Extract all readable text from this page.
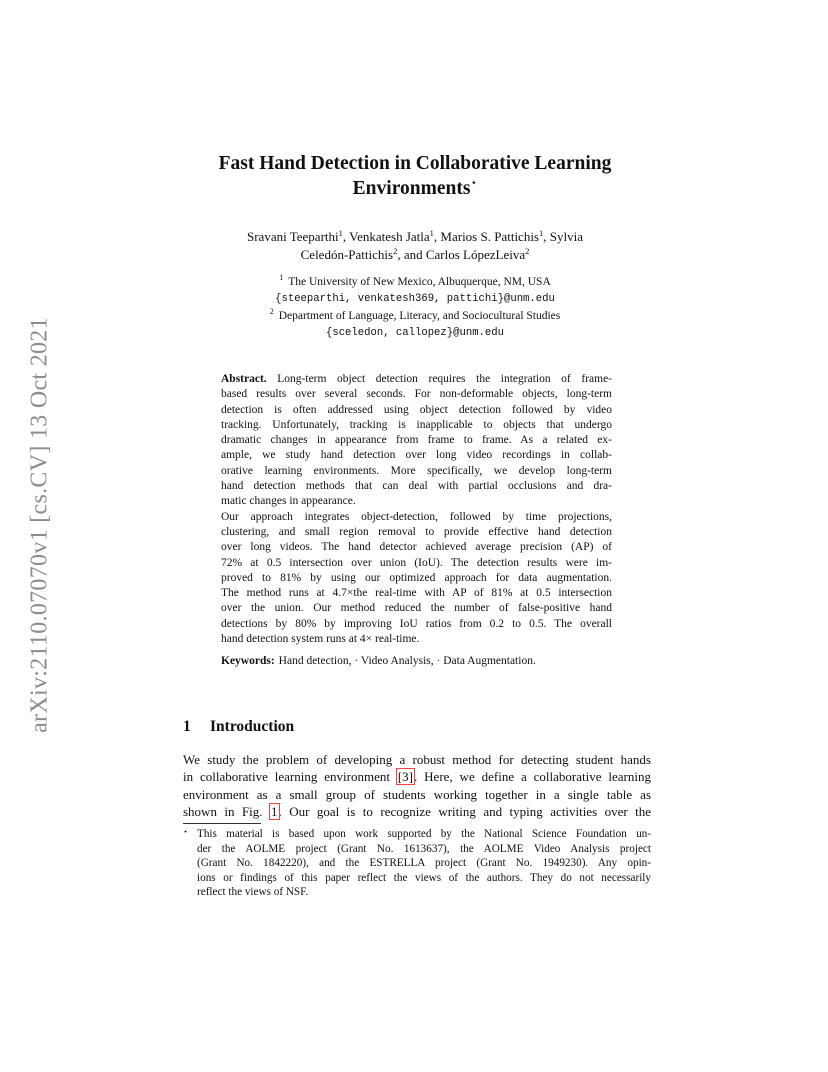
arXiv:2110.07070v1 [cs.CV] 13 Oct 2021
Fast Hand Detection in Collaborative Learning
Environments⋆
Sravani Teeparthi$^1$, Venkatesh Jatla$^1$, Marios S. Pattichis$^1$, Sylvia
Celedón-Pattichis$^2$, and Carlos LópezLeiva$^2$
$^1$ The University of New Mexico, Albuquerque, NM, USA
{steeparthi, venkatesh369, pattichi}@unm.edu
$^2$ Department of Language, Literacy, and Sociocultural Studies
{sceledon, callopez}@unm.edu
Abstract. Long-term object detection requires the integration of frame-
based results over several seconds. For non-deformable objects, long-term
detection is often addressed using object detection followed by video
tracking. Unfortunately, tracking is inapplicable to objects that undergo
dramatic changes in appearance from frame to frame. As a related ex-
ample, we study hand detection over long video recordings in collab-
orative learning environments. More specifically, we develop long-term
hand detection methods that can deal with partial occlusions and dra-
matic changes in appearance.
Our approach integrates object-detection, followed by time projections,
clustering, and small region removal to provide effective hand detection
over long videos. The hand detector achieved average precision (AP) of
72% at 0.5 intersection over union (IoU). The detection results were im-
proved to 81% by using our optimized approach for data augmentation.
The method runs at 4.7×the real-time with AP of 81% at 0.5 intersection
over the union. Our method reduced the number of false-positive hand
detections by 80% by improving IoU ratios from 0.2 to 0.5. The overall
hand detection system runs at 4× real-time.
Keywords: Hand detection, · Video Analysis, · Data Augmentation.
1 Introduction
We study the problem of developing a robust method for detecting student hands
in collaborative learning environment [3]. Here, we define a collaborative learning
environment as a small group of students working together in a single table as
shown in Fig. 1. Our goal is to recognize writing and typing activities over the
⋆ This material is based upon work supported by the National Science Foundation un-
der the AOLME project (Grant No. 1613637), the AOLME Video Analysis project
(Grant No. 1842220), and the ESTRELLA project (Grant No. 1949230). Any opin-
ions or findings of this paper reflect the views of the authors. They do not necessarily
reflect the views of NSF.
